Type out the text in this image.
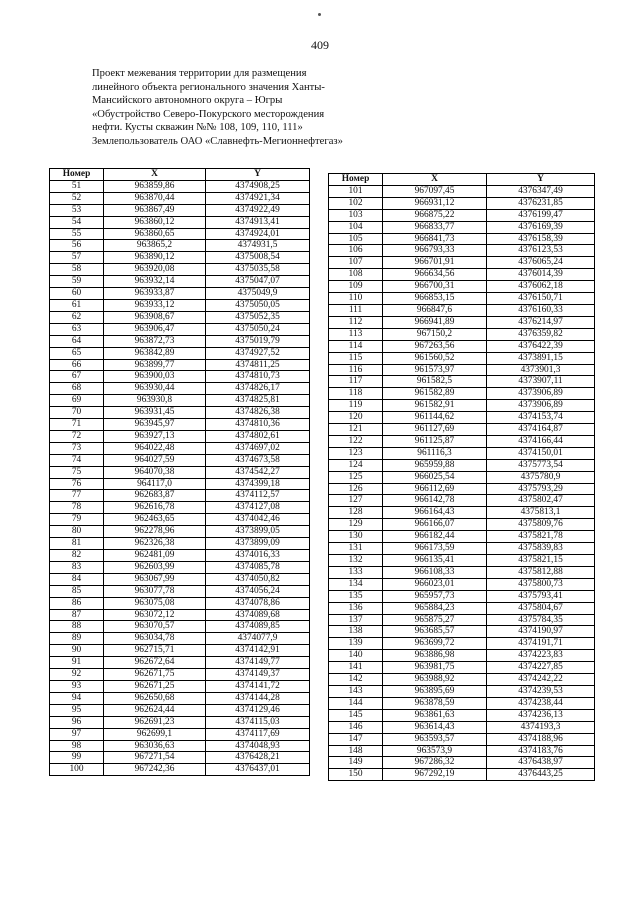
409
Проект межевания территории для размещения
линейного объекта регионального значения Ханты-
Мансийского автономного округа – Югры
«Обустройство Северо-Покурского месторождения
нефти. Кусты скважин №№ 108, 109, 110, 111»
Землепользователь ОАО «Славнефть-Мегионнефтегаз»
Номер	X	Y
51	963859,86	4374908,25
52	963870,44	4374921,34
53	963867,49	4374922,49
54	963860,12	4374913,41
55	963860,65	4374924,01
56	963865,2	4374931,5
57	963890,12	4375008,54
58	963920,08	4375035,58
59	963932,14	4375047,07
60	963933,87	4375049,9
61	963933,12	4375050,05
62	963908,67	4375052,35
63	963906,47	4375050,24
64	963872,73	4375019,79
65	963842,89	4374927,52
66	963899,77	4374811,25
67	963900,03	4374810,73
68	963930,44	4374826,17
69	963930,8	4374825,81
70	963931,45	4374826,38
71	963945,97	4374810,36
72	963927,13	4374802,61
73	964022,48	4374697,02
74	964027,59	4374673,58
75	964070,38	4374542,27
76	964117,0	4374399,18
77	962683,87	4374112,57
78	962616,78	4374127,08
79	962463,65	4374042,46
80	962278,96	4373899,05
81	962326,38	4373899,09
82	962481,09	4374016,33
83	962603,99	4374085,78
84	963067,99	4374050,82
85	963077,78	4374056,24
86	963075,08	4374078,86
87	963072,12	4374089,68
88	963070,57	4374089,85
89	963034,78	4374077,9
90	962715,71	4374142,91
91	962672,64	4374149,77
92	962671,75	4374149,37
93	962671,25	4374141,72
94	962650,68	4374144,28
95	962624,44	4374129,46
96	962691,23	4374115,03
97	962699,1	4374117,69
98	963036,63	4374048,93
99	967271,54	4376428,21
100	967242,36	4376437,01
Номер	X	Y
101	967097,45	4376347,49
102	966931,12	4376231,85
103	966875,22	4376199,47
104	966833,77	4376169,39
105	966841,73	4376158,39
106	966793,33	4376123,53
107	966701,91	4376065,24
108	966634,56	4376014,39
109	966700,31	4376062,18
110	966853,15	4376150,71
111	966847,6	4376160,33
112	966941,89	4376214,97
113	967150,2	4376359,82
114	967263,56	4376422,39
115	961560,52	4373891,15
116	961573,97	4373901,3
117	961582,5	4373907,11
118	961582,89	4373906,89
119	961582,91	4373906,89
120	961144,62	4374153,74
121	961127,69	4374164,87
122	961125,87	4374166,44
123	961116,3	4374150,01
124	965959,88	4375773,54
125	966025,54	4375780,9
126	966112,69	4375793,29
127	966142,78	4375802,47
128	966164,43	4375813,1
129	966166,07	4375809,76
130	966182,44	4375821,78
131	966173,59	4375839,83
132	966135,41	4375821,15
133	966108,33	4375812,88
134	966023,01	4375800,73
135	965957,73	4375793,41
136	965884,23	4375804,67
137	965875,27	4375784,35
138	963685,57	4374190,97
139	963699,72	4374191,71
140	963886,98	4374223,83
141	963981,75	4374227,85
142	963988,92	4374242,22
143	963895,69	4374239,53
144	963878,59	4374238,44
145	963861,63	4374236,13
146	963614,43	4374193,3
147	963593,57	4374188,96
148	963573,9	4374183,76
149	967286,32	4376438,97
150	967292,19	4376443,25
